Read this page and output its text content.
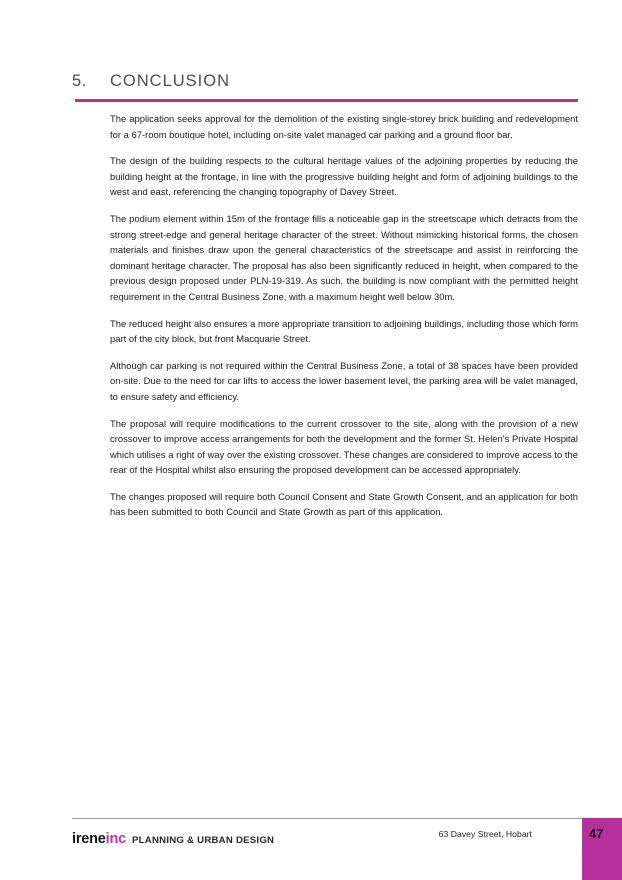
5.	CONCLUSION

The application seeks approval for the demolition of the existing single-storey brick building and redevelopment for a 67-room boutique hotel, including on-site valet managed car parking and a ground floor bar.

The design of the building respects to the cultural heritage values of the adjoining properties by reducing the building height at the frontage, in line with the progressive building height and form of adjoining buildings to the west and east, referencing the changing topography of Davey Street.

The podium element within 15m of the frontage fills a noticeable gap in the streetscape which detracts from the strong street-edge and general heritage character of the street. Without mimicking historical forms, the chosen materials and finishes draw upon the general characteristics of the streetscape and assist in reinforcing the dominant heritage character. The proposal has also been significantly reduced in height, when compared to the previous design proposed under PLN-19-319. As such, the building is now compliant with the permitted height requirement in the Central Business Zone, with a maximum height well below 30m.

The reduced height also ensures a more appropriate transition to adjoining buildings, including those which form part of the city block, but front Macquarie Street.

Although car parking is not required within the Central Business Zone, a total of 38 spaces have been provided on-site. Due to the need for car lifts to access the lower basement level, the parking area will be valet managed, to ensure safety and efficiency.

The proposal will require modifications to the current crossover to the site, along with the provision of a new crossover to improve access arrangements for both the development and the former St. Helen's Private Hospital which utilises a right of way over the existing crossover. These changes are considered to improve access to the rear of the Hospital whilst also ensuring the proposed development can be accessed appropriately.

The changes proposed will require both Council Consent and State Growth Consent, and an application for both has been submitted to both Council and State Growth as part of this application.

irene inc PLANNING & URBAN DESIGN
63 Davey Street, Hobart	47
